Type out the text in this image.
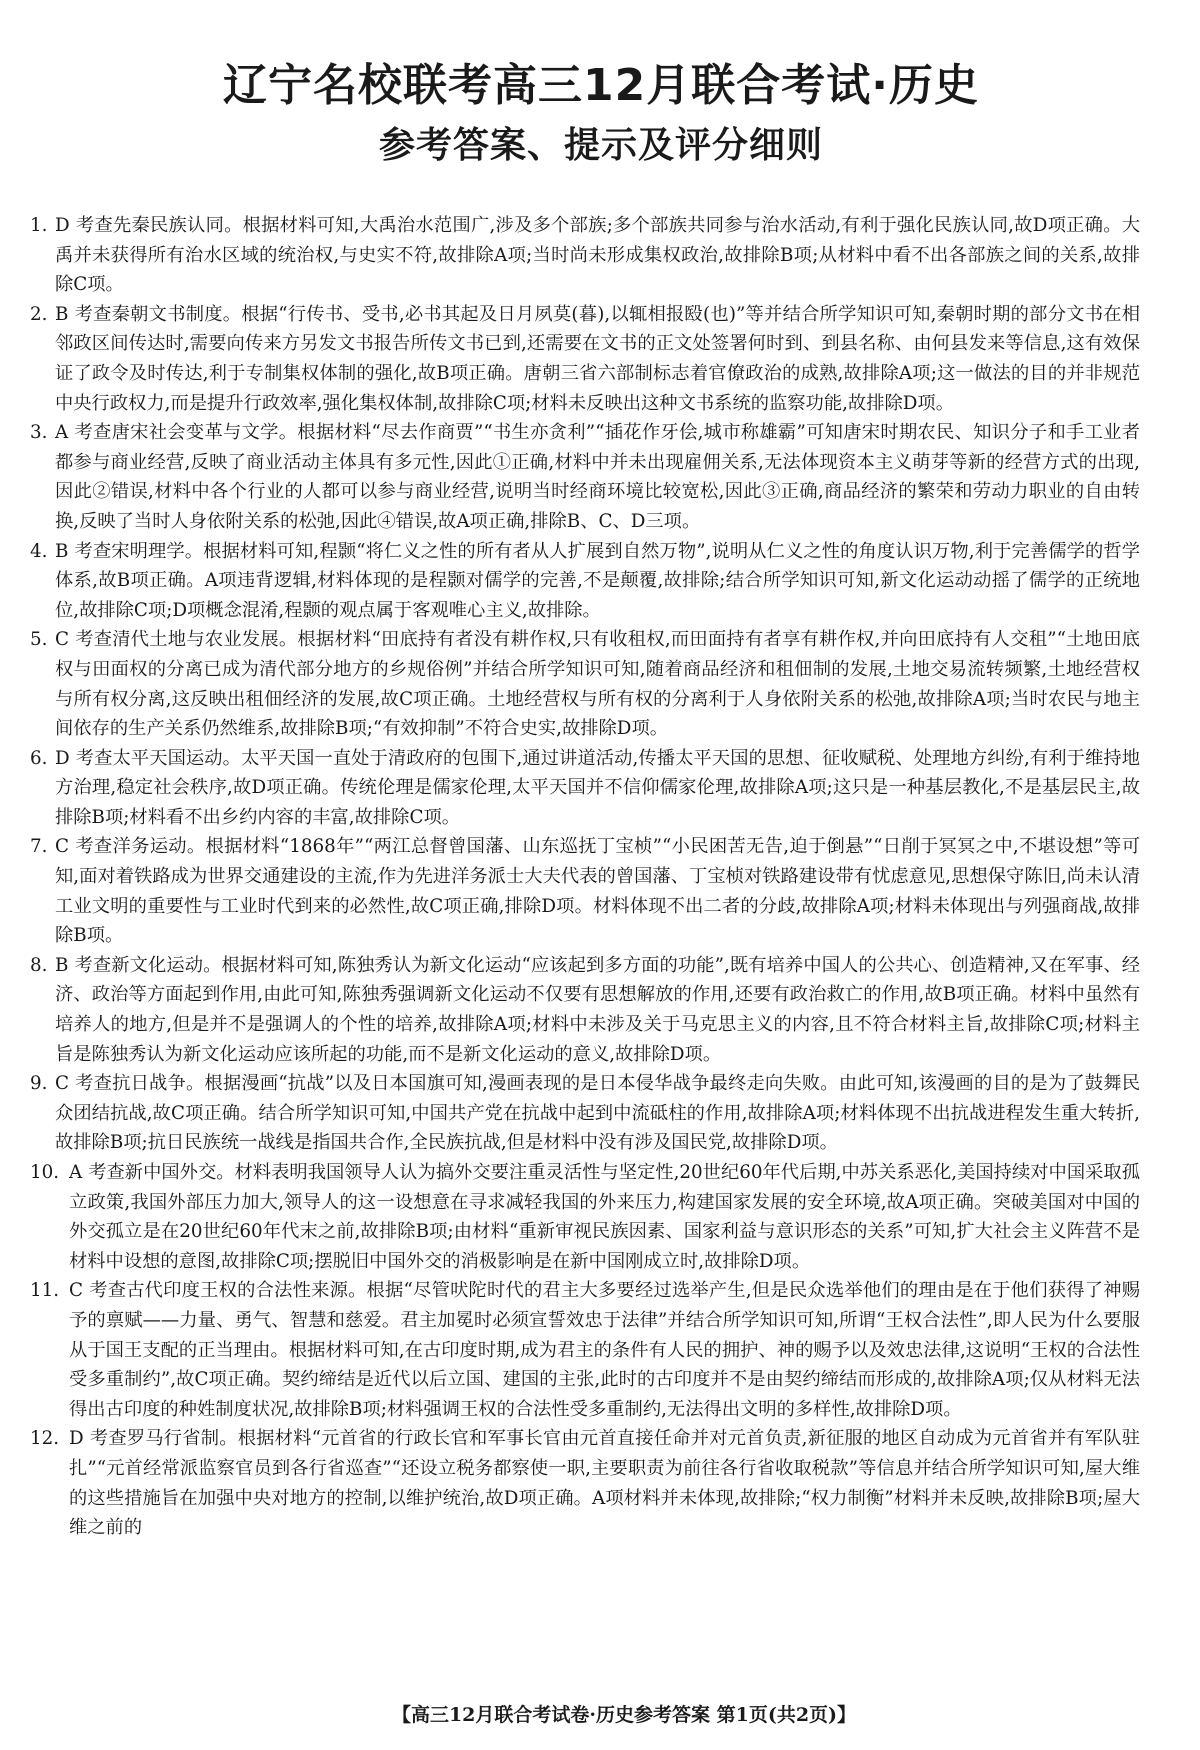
辽宁名校联考高三12月联合考试·历史
参考答案、提示及评分细则

1. D 考查先秦民族认同。根据材料可知,大禹治水范围广,涉及多个部族;多个部族共同参与治水活动,有利于强化民族认同,故D项正确。大禹并未获得所有治水区域的统治权,与史实不符,故排除A项;当时尚未形成集权政治,故排除B项;从材料中看不出各部族之间的关系,故排除C项。

2. B 考查秦朝文书制度。根据“行传书、受书,必书其起及日月夙莫(暮),以辄相报殹(也)”等并结合所学知识可知,秦朝时期的部分文书在相邻政区间传达时,需要向传来方另发文书报告所传文书已到,还需要在文书的正文处签署何时到、到县名称、由何县发来等信息,这有效保证了政令及时传达,利于专制集权体制的强化,故B项正确。唐朝三省六部制标志着官僚政治的成熟,故排除A项;这一做法的目的并非规范中央行政权力,而是提升行政效率,强化集权体制,故排除C项;材料未反映出这种文书系统的监察功能,故排除D项。

3. A 考查唐宋社会变革与文学。根据材料“尽去作商贾”“书生亦贪利”“插花作牙侩,城市称雄霸”可知唐宋时期农民、知识分子和手工业者都参与商业经营,反映了商业活动主体具有多元性,因此①正确,材料中并未出现雇佣关系,无法体现资本主义萌芽等新的经营方式的出现,因此②错误,材料中各个行业的人都可以参与商业经营,说明当时经商环境比较宽松,因此③正确,商品经济的繁荣和劳动力职业的自由转换,反映了当时人身依附关系的松弛,因此④错误,故A项正确,排除B、C、D三项。

4. B 考查宋明理学。根据材料可知,程颢“将仁义之性的所有者从人扩展到自然万物”,说明从仁义之性的角度认识万物,利于完善儒学的哲学体系,故B项正确。A项违背逻辑,材料体现的是程颢对儒学的完善,不是颠覆,故排除;结合所学知识可知,新文化运动动摇了儒学的正统地位,故排除C项;D项概念混淆,程颢的观点属于客观唯心主义,故排除。

5. C 考查清代土地与农业发展。根据材料“田底持有者没有耕作权,只有收租权,而田面持有者享有耕作权,并向田底持有人交租”“土地田底权与田面权的分离已成为清代部分地方的乡规俗例”并结合所学知识可知,随着商品经济和租佃制的发展,土地交易流转频繁,土地经营权与所有权分离,这反映出租佃经济的发展,故C项正确。土地经营权与所有权的分离利于人身依附关系的松弛,故排除A项;当时农民与地主间依存的生产关系仍然维系,故排除B项;“有效抑制”不符合史实,故排除D项。

6. D 考查太平天国运动。太平天国一直处于清政府的包围下,通过讲道活动,传播太平天国的思想、征收赋税、处理地方纠纷,有利于维持地方治理,稳定社会秩序,故D项正确。传统伦理是儒家伦理,太平天国并不信仰儒家伦理,故排除A项;这只是一种基层教化,不是基层民主,故排除B项;材料看不出乡约内容的丰富,故排除C项。

7. C 考查洋务运动。根据材料“1868年”“两江总督曾国藩、山东巡抚丁宝桢”“小民困苦无告,迫于倒悬”“日削于冥冥之中,不堪设想”等可知,面对着铁路成为世界交通建设的主流,作为先进洋务派士大夫代表的曾国藩、丁宝桢对铁路建设带有忧虑意见,思想保守陈旧,尚未认清工业文明的重要性与工业时代到来的必然性,故C项正确,排除D项。材料体现不出二者的分歧,故排除A项;材料未体现出与列强商战,故排除B项。

8. B 考查新文化运动。根据材料可知,陈独秀认为新文化运动“应该起到多方面的功能”,既有培养中国人的公共心、创造精神,又在军事、经济、政治等方面起到作用,由此可知,陈独秀强调新文化运动不仅要有思想解放的作用,还要有政治救亡的作用,故B项正确。材料中虽然有培养人的地方,但是并不是强调人的个性的培养,故排除A项;材料中未涉及关于马克思主义的内容,且不符合材料主旨,故排除C项;材料主旨是陈独秀认为新文化运动应该所起的功能,而不是新文化运动的意义,故排除D项。

9. C 考查抗日战争。根据漫画“抗战”以及日本国旗可知,漫画表现的是日本侵华战争最终走向失败。由此可知,该漫画的目的是为了鼓舞民众团结抗战,故C项正确。结合所学知识可知,中国共产党在抗战中起到中流砥柱的作用,故排除A项;材料体现不出抗战进程发生重大转折,故排除B项;抗日民族统一战线是指国共合作,全民族抗战,但是材料中没有涉及国民党,故排除D项。

10. A 考查新中国外交。材料表明我国领导人认为搞外交要注重灵活性与坚定性,20世纪60年代后期,中苏关系恶化,美国持续对中国采取孤立政策,我国外部压力加大,领导人的这一设想意在寻求减轻我国的外来压力,构建国家发展的安全环境,故A项正确。突破美国对中国的外交孤立是在20世纪60年代末之前,故排除B项;由材料“重新审视民族因素、国家利益与意识形态的关系”可知,扩大社会主义阵营不是材料中设想的意图,故排除C项;摆脱旧中国外交的消极影响是在新中国刚成立时,故排除D项。

11. C 考查古代印度王权的合法性来源。根据“尽管吠陀时代的君主大多要经过选举产生,但是民众选举他们的理由是在于他们获得了神赐予的禀赋——力量、勇气、智慧和慈爱。君主加冕时必须宣誓效忠于法律”并结合所学知识可知,所谓“王权合法性”,即人民为什么要服从于国王支配的正当理由。根据材料可知,在古印度时期,成为君主的条件有人民的拥护、神的赐予以及效忠法律,这说明“王权的合法性受多重制约”,故C项正确。契约缔结是近代以后立国、建国的主张,此时的古印度并不是由契约缔结而形成的,故排除A项;仅从材料无法得出古印度的种姓制度状况,故排除B项;材料强调王权的合法性受多重制约,无法得出文明的多样性,故排除D项。

12. D 考查罗马行省制。根据材料“元首省的行政长官和军事长官由元首直接任命并对元首负责,新征服的地区自动成为元首省并有军队驻扎”“元首经常派监察官员到各行省巡查”“还设立税务都察使一职,主要职责为前往各行省收取税款”等信息并结合所学知识可知,屋大维的这些措施旨在加强中央对地方的控制,以维护统治,故D项正确。A项材料并未体现,故排除;“权力制衡”材料并未反映,故排除B项;屋大维之前的

【高三12月联合考试卷·历史参考答案 第1页(共2页)】
